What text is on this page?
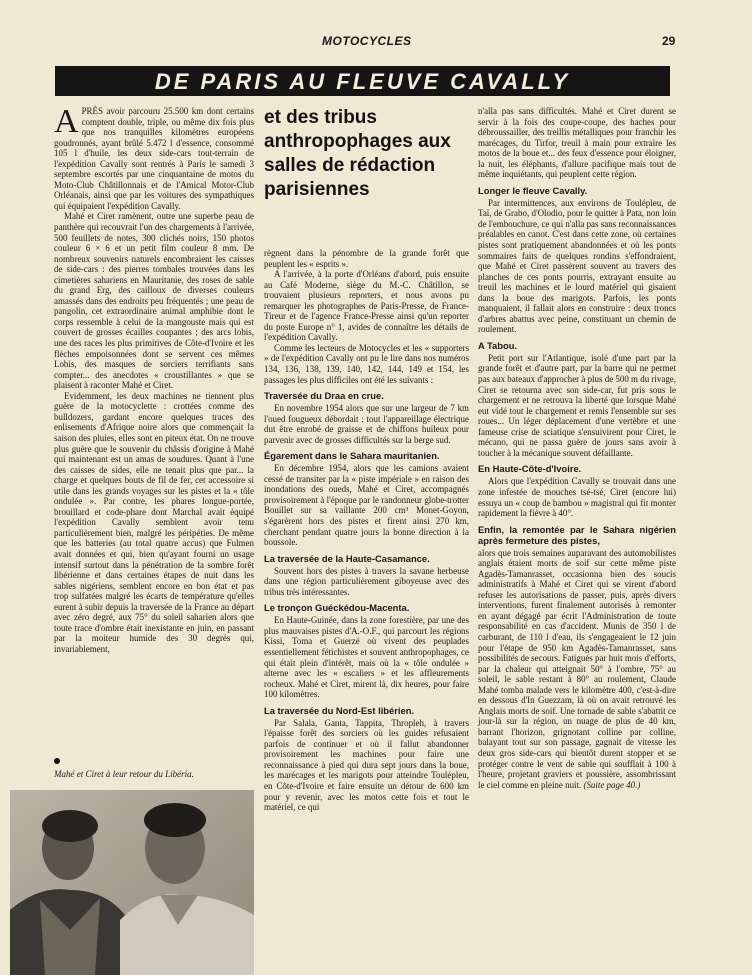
MOTOCYCLES	29
DE PARIS AU FLEUVE CAVALLY

APRÈS avoir parcouru 25.500 km dont certains comptent double, triple, ou même dix fois plus que nos tranquilles kilomètres européens goudronnés, ayant brûlé 5.472 l d'essence, consommé 105 l d'huile, les deux side-cars tout-terrain de l'expédition Cavally sont rentrés à Paris le samedi 3 septembre escortés par une cinquantaine de motos du Moto-Club Châtillonnais et de l'Amical Motor-Club Orléanais, ainsi que par les voitures des sympathiques qui équipaient l'expédition Cavally.

Mahé et Ciret ramènent, outre une superbe peau de panthère qui recouvrait l'un des chargements à l'arrivée, 500 feuillets de notes, 300 clichés noirs, 150 photos couleur 6 × 6 et un petit film couleur 8 mm. De nombreux souvenirs naturels encombraient les caisses de side-cars : des pierres tombales trouvées dans les cimetières sahariens en Mauritanie, des roses de sable du grand Erg, des cailloux de diverses couleurs amassés dans des endroits peu fréquentés ; une peau de pangolin, cet extraordinaire animal amphibie dont le corps ressemble à celui de la mangouste mais qui est couvert de grosses écailles coupantes ; des arcs lobis, une des races les plus primitives de Côte-d'Ivoire et les flèches empoisonnées dont se servent ces mêmes Lobis, des masques de sorciers terrifiants sans compter... des anecdotes « croustillantes » que se plaisent à raconter Mahé et Ciret.

Evidemment, les deux machines ne tiennent plus guère de la motocyclette : crottées comme des bulldozers, gardant encore quelques traces des enlisements d'Afrique noire alors que commençait la saison des pluies, elles sont en piteux état. On ne trouve plus guère que le souvenir du châssis d'origine à Mahé qui maintenant est un amas de soudures. Quant à l'une des caisses de sides, elle ne tenait plus que par... la charge et quelques bouts de fil de fer, cet accessoire si utile dans les grands voyages sur les pistes et la « tôle ondulée ». Par contre, les phares longue-portée, brouillard et code-phare dont Marchal avait équipé l'expédition Cavally semblent avoir tenu particulièrement bien, malgré les péripéties. De même que les batteries (au total quatre accus) que Fulmen avait données et qui, bien qu'ayant fourni un usage intensif surtout dans la pénétration de la sombre forêt libérienne et dans certaines étapes de nuit dans les sables nigériens, semblent encore en bon état et pas trop sulfatées malgré les écarts de température qu'elles eurent à subir depuis la traversée de la France au départ avec zéro degré, aux 75° du soleil saharien alors que toute trace d'ombre était inexistante en juin, en passant par la moiteur humide des 30 degrés qui, invariablement,

Mahé et Ciret à leur retour du Libéria.
et des tribus anthropophages aux salles de rédaction parisiennes

règnent dans la pénombre de la grande forêt que peuplent les « esprits ».

A l'arrivée, à la porte d'Orléans d'abord, puis ensuite au Café Moderne, siège du M.-C. Châtillon, se trouvaient plusieurs reporters, et nous avons pu remarquer les photographes de Paris-Presse, de France-Tireur et de l'agence France-Presse ainsi qu'un reporter du poste Europe n° 1, avides de connaître les détails de l'expédition Cavally.

Comme les lecteurs de Motocycles et les « supporters » de l'expédition Cavally ont pu le lire dans nos numéros 134, 136, 138, 139, 140, 142, 144, 149 et 154, les passages les plus difficiles ont été les suivants :

Traversée du Draa en crue.

En novembre 1954 alors que sur une largeur de 7 km l'oued fougueux débordait : tout l'appareillage électrique dut être enrobé de graisse et de chiffons huileux pour parvenir avec de grosses difficultés sur la berge sud.

Égarement dans le Sahara mauritanien.

En décembre 1954, alors que les camions avaient cessé de transiter par la « piste impériale » en raison des inondations des oueds, Mahé et Ciret, accompagnés provisoirement à l'époque par le randonneur globe-trotter Bouillet sur sa vaillante 200 cm³ Monet-Goyon, s'égarèrent hors des pistes et firent ainsi 270 km, cherchant pendant quatre jours la bonne direction à la boussole.

La traversée de la Haute-Casamance.

Souvent hors des pistes à travers la savane herbeuse dans une région particulièrement giboyeuse avec des tribus très intéressantes.

Le tronçon Guéckédou-Macenta.

En Haute-Guinée, dans la zone forestière, par une des plus mauvaises pistes d'A.-O.F., qui parcourt les régions Kissi, Toma et Guerzé où vivent des peuplades essentiellement fétichistes et souvent anthropophages, ce qui était plein d'intérêt, mais où la « tôle ondulée » alterne avec les « escaliers » et les affleurements rocheux. Mahé et Ciret, mirent là, dix heures, pour faire 100 kilomètres.

La traversée du Nord-Est libérien.

Par Salala, Ganta, Tappita, Thropleh, à travers l'épaisse forêt des sorciers où les guides refusaient parfois de continuer et où il fallut abandonner provisoirement les machines pour faire une reconnaissance à pied qui dura sept jours dans la boue, les marécages et les marigots pour atteindre Touléplеu, en Côte-d'Ivoire et faire ensuite un détour de 600 km pour y revenir, avec les motos cette fois et tout le matériel, ce qui

n'alla pas sans difficultés. Mahé et Ciret durent se servir à la fois des coupe-coupe, des haches pour débroussailler, des treillis métalliques pour franchir les marécages, du Tirfor, treuil à main pour extraire les motos de la boue et... des feux d'essence pour éloigner, la nuit, les éléphants, d'allure pacifique mais tout de même inquiétants, qui peuplent cette région.

Longer le fleuve Cavally.

Par intermittences, aux environs de Touléplеu, de Taï, de Grabo, d'Olodio, pour le quitter à Pata, non loin de l'embouchure, ce qui n'alla pas sans reconnaissances préalables en canot. C'est dans cette zone, où certaines pistes sont pratiquement abandonnées et où les ponts sommaires faits de quelques rondins s'effondraient, que Mahé et Ciret passèrent souvent au travers des planches de ces ponts pourris, extrayant ensuite au treuil les machines et le lourd matériel qui gisaient dans la boue des marigots. Parfois, les ponts manquaient, il fallait alors en construire : deux troncs d'arbres abattus avec peine, constituant un chemin de roulement.

A Tabou.

Petit port sur l'Atlantique, isolé d'une part par la grande forêt et d'autre part, par la barre qui ne permet pas aux bateaux d'approcher à plus de 500 m du rivage, Ciret se retourna avec son side-car, fut pris sous le chargement et ne retrouva la liberté que lorsque Mahé eut vidé tout le chargement et remis l'ensemble sur ses roues... Un léger déplacement d'une vertèbre et une fameuse crise de sciatique s'ensuivirent pour Ciret, le mécano, qui ne passa guère de jours sans avoir à toucher à la mécanique souvent défaillante.

En Haute-Côte-d'Ivoire.

Alors que l'expédition Cavally se trouvait dans une zone infestée de mouches tsé-tsé, Ciret (encore lui) essuya un « coup de bambou » magistral qui fit monter rapidement la fièvre à 40°.

Enfin, la remontée par le Sahara nigérien après fermeture des pistes,

alors que trois semaines auparavant des automobilistes anglais étaient morts de soif sur cette même piste Agadès-Tamanrasset, occasionna bien des soucis administratifs à Mahé et Ciret qui se virent d'abord refuser les autorisations de passer, puis, après divers interventions, furent finalement autorisés à remonter en ayant dégagé par écrit l'Administration de toute responsabilité en cas d'accident. Munis de 350 l de carburant, de 110 l d'eau, ils s'engageaient le 12 juin pour l'étape de 950 km Agadès-Tamanrasset, sans possibilités de secours. Fatigués par huit mois d'efforts, par la chaleur qui atteignait 50° à l'ombre, 75° au soleil, le sable restant à 80° au roulement, Claude Mahé tomba malade vers le kilomètre 400, c'est-à-dire en dessous d'In Guezzam, là où on avait retrouvé les Anglais morts de soif. Une tornade de sable s'abattit ce jour-là sur la région, un nuage de plus de 40 km, barrant l'horizon, grignotant colline par colline, balayant tout sur son passage, gagnait de vitesse les deux gros side-cars qui bientôt durent stopper et se protéger contre le vent de sable qui soufflait à 100 à l'heure, projetant graviers et poussière, assombrissant le ciel comme en pleine nuit. (Suite page 40.)
